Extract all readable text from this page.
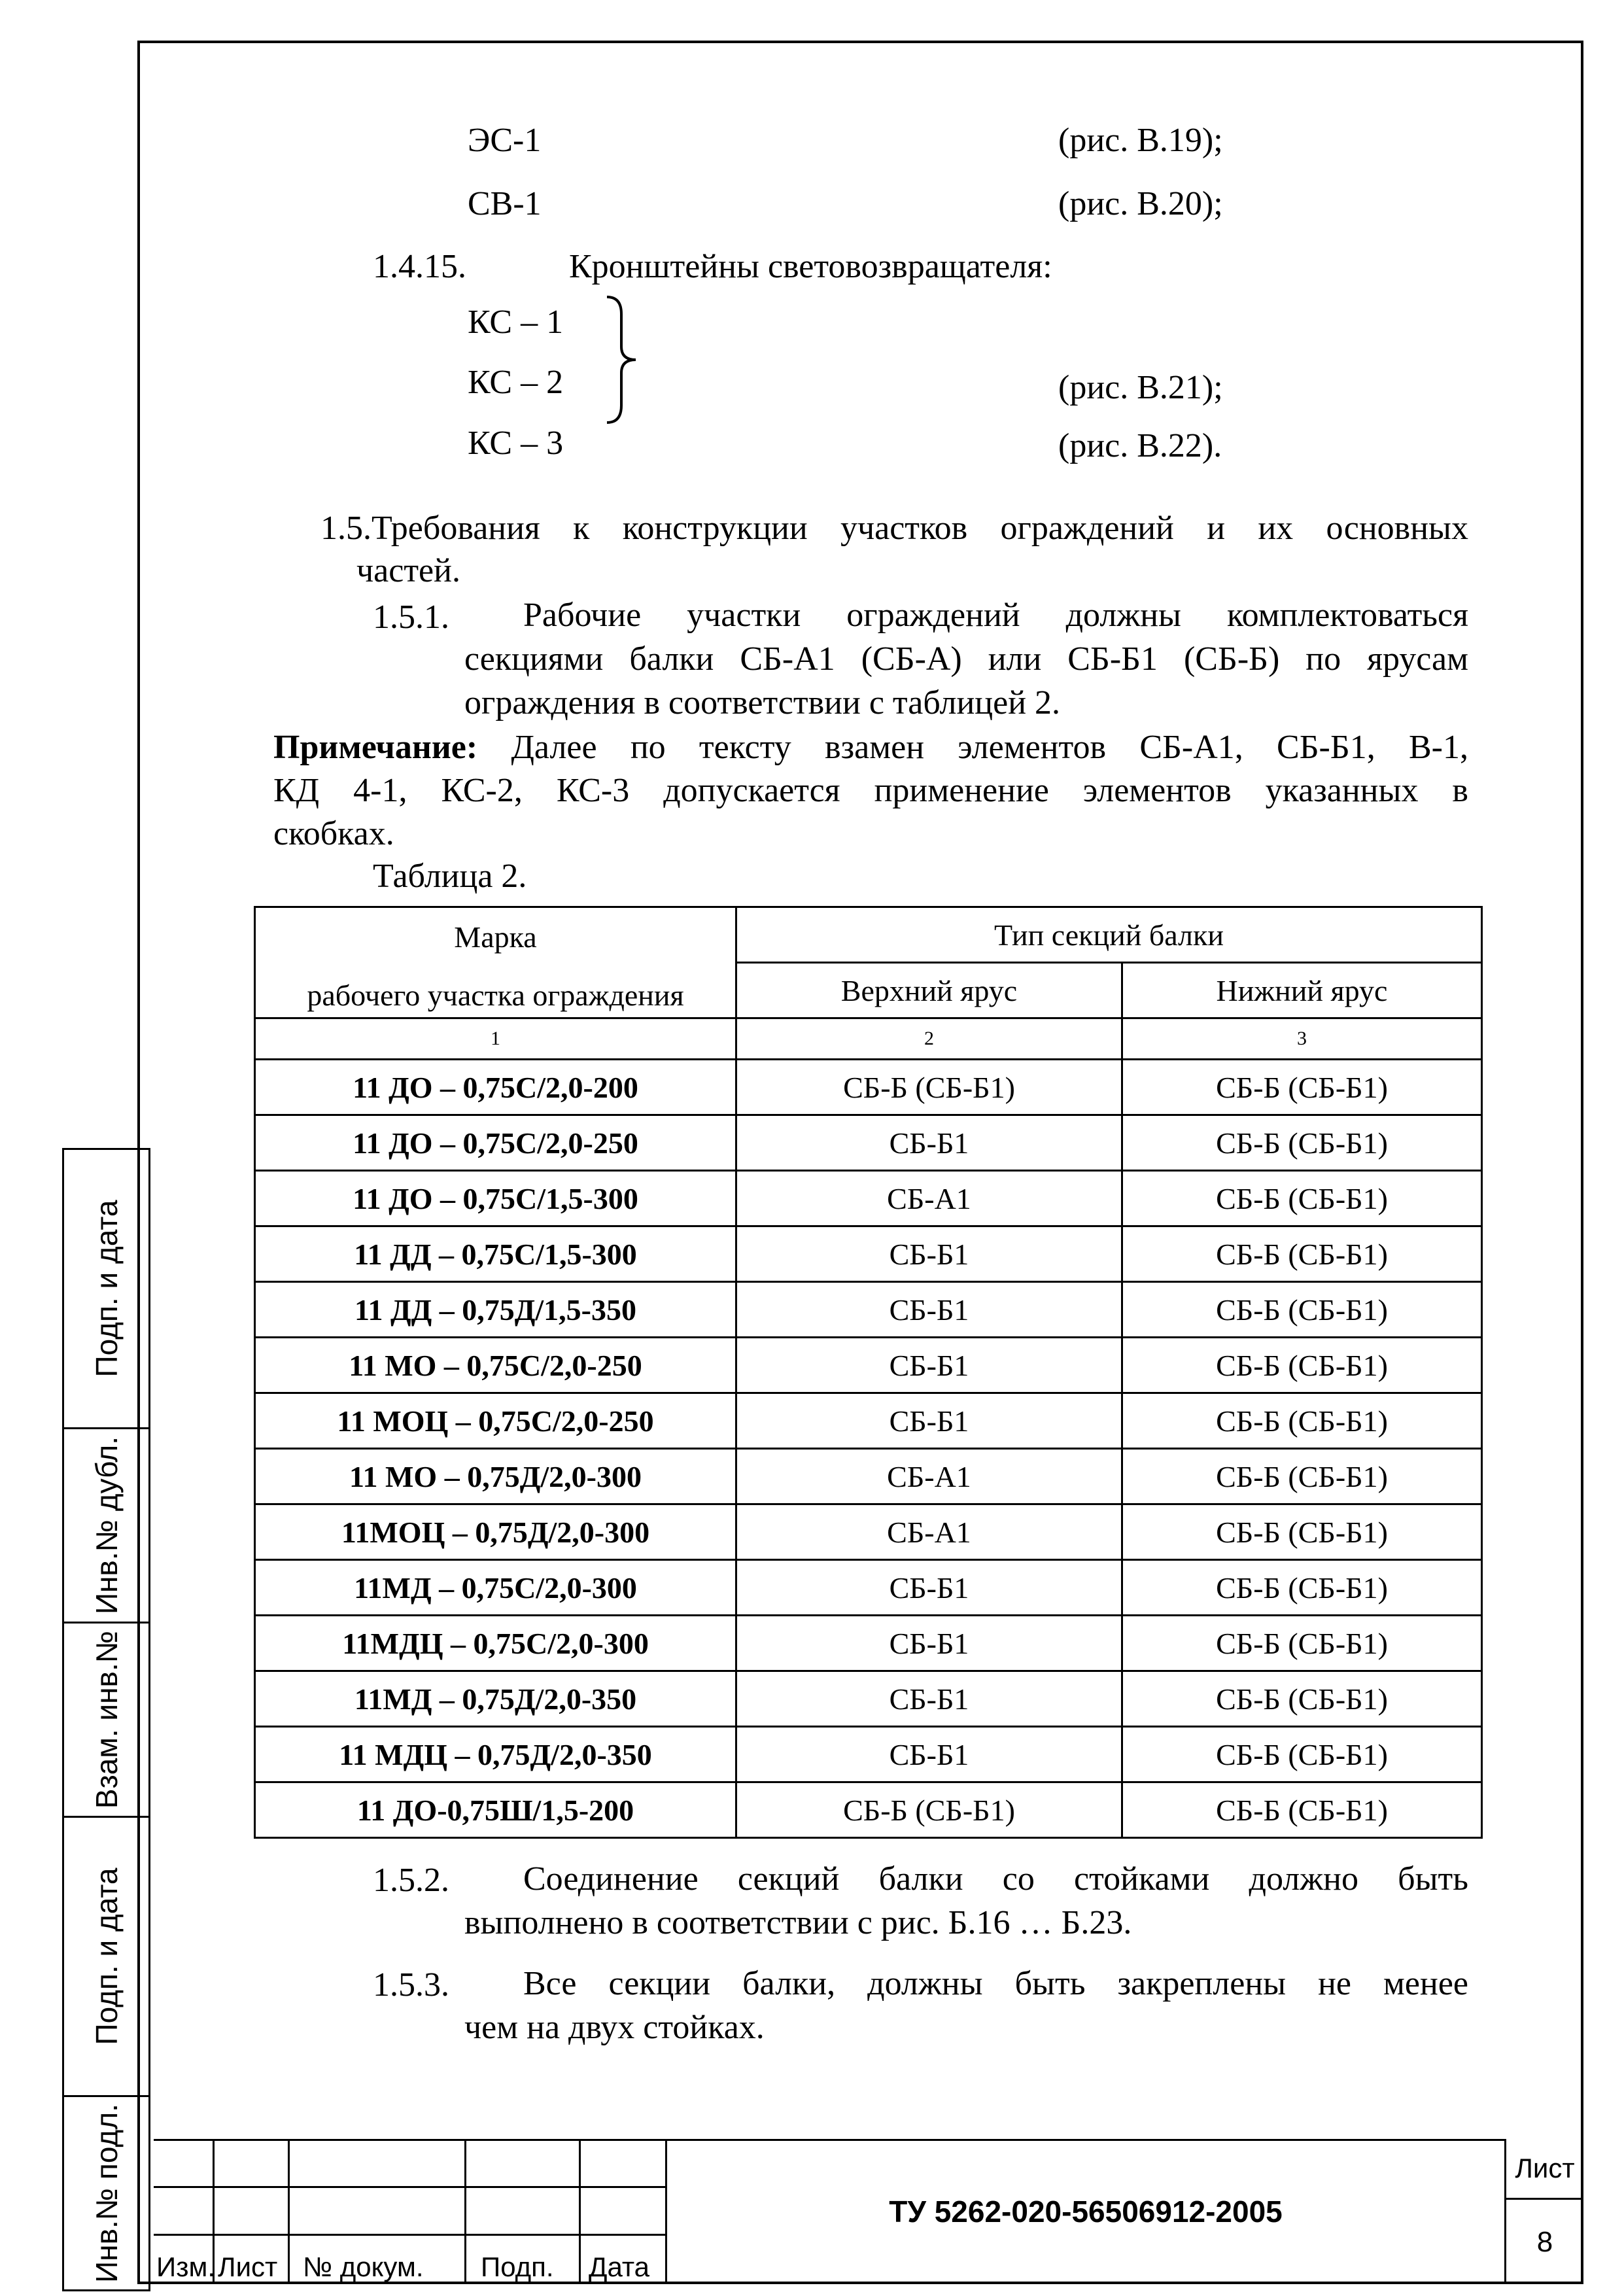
ЭС-1	(рис. В.19);
СВ-1	(рис. В.20);
1.4.15.	Кронштейны световозвращателя:
КС – 1
КС – 2	(рис. В.21);
КС – 3	(рис. В.22).
1.5.Требования к конструкции участков ограждений и их основных
частей.
1.5.1. Рабочие участки ограждений должны комплектоваться
секциями балки СБ-А1 (СБ-А) или СБ-Б1 (СБ-Б) по ярусам
ограждения в соответствии с таблицей 2.
Примечание: Далее по тексту взамен элементов СБ-А1, СБ-Б1, В-1,
КД 4-1, КС-2, КС-3 допускается применение элементов указанных в
скобках.
Таблица 2.
Марка
рабочего участка ограждения	Тип секций балки	
	Верхний ярус	Нижний ярус
1	2	3
11 ДО – 0,75С/2,0-200	СБ-Б (СБ-Б1)	СБ-Б (СБ-Б1)
11 ДО – 0,75С/2,0-250	СБ-Б1	СБ-Б (СБ-Б1)
11 ДО – 0,75С/1,5-300	СБ-А1	СБ-Б (СБ-Б1)
11 ДД – 0,75С/1,5-300	СБ-Б1	СБ-Б (СБ-Б1)
11 ДД – 0,75Д/1,5-350	СБ-Б1	СБ-Б (СБ-Б1)
11 МО – 0,75С/2,0-250	СБ-Б1	СБ-Б (СБ-Б1)
11 МОЦ – 0,75С/2,0-250	СБ-Б1	СБ-Б (СБ-Б1)
11 МО – 0,75Д/2,0-300	СБ-А1	СБ-Б (СБ-Б1)
11МОЦ – 0,75Д/2,0-300	СБ-А1	СБ-Б (СБ-Б1)
11МД – 0,75С/2,0-300	СБ-Б1	СБ-Б (СБ-Б1)
11МДЦ – 0,75С/2,0-300	СБ-Б1	СБ-Б (СБ-Б1)
11МД – 0,75Д/2,0-350	СБ-Б1	СБ-Б (СБ-Б1)
11 МДЦ – 0,75Д/2,0-350	СБ-Б1	СБ-Б (СБ-Б1)
11 ДО-0,75Ш/1,5-200	СБ-Б (СБ-Б1)	СБ-Б (СБ-Б1)
1.5.2. Соединение секций балки со стойками должно быть
выполнено в соответствии с рис. Б.16 … Б.23.
1.5.3. Все секции балки, должны быть закреплены не менее
чем на двух стойках.
Подп. и дата
Инв.№ дубл.
Взам. инв.№
Подп. и дата
Инв.№ подл. Изм. Лист № докум. Подп. Дата
ТУ 5262-020-56506912-2005
Лист
8
